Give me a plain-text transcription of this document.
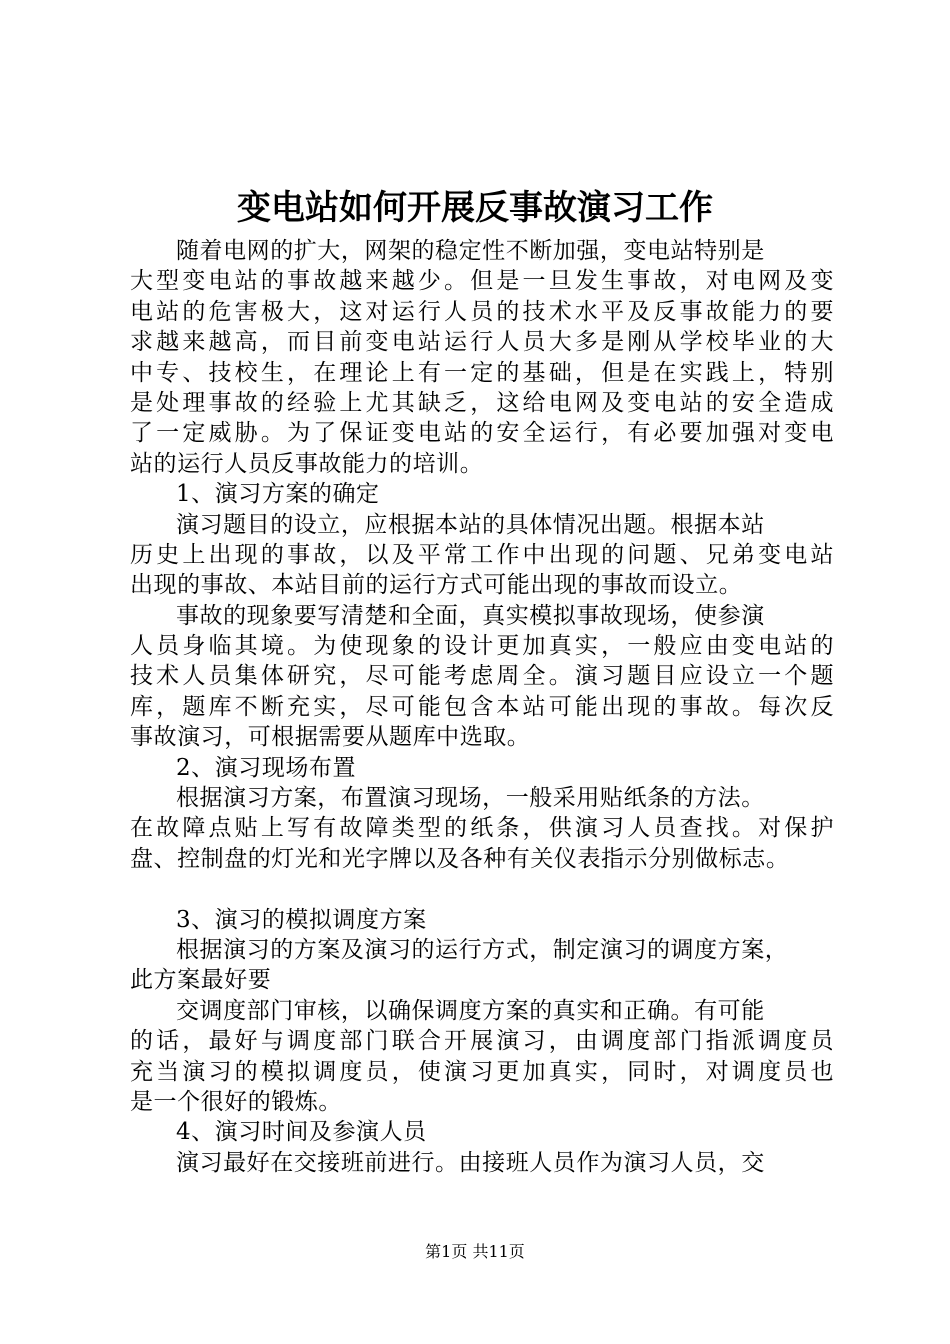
变电站如何开展反事故演习工作
随着电网的扩大，网架的稳定性不断加强，变电站特别是
大型变电站的事故越来越少。但是一旦发生事故，对电网及变
电站的危害极大，这对运行人员的技术水平及反事故能力的要
求越来越高，而目前变电站运行人员大多是刚从学校毕业的大
中专、技校生，在理论上有一定的基础，但是在实践上，特别
是处理事故的经验上尤其缺乏，这给电网及变电站的安全造成
了一定威胁。为了保证变电站的安全运行，有必要加强对变电
站的运行人员反事故能力的培训。
1、演习方案的确定
演习题目的设立，应根据本站的具体情况出题。根据本站
历史上出现的事故，以及平常工作中出现的问题、兄弟变电站
出现的事故、本站目前的运行方式可能出现的事故而设立。
事故的现象要写清楚和全面，真实模拟事故现场，使参演
人员身临其境。为使现象的设计更加真实，一般应由变电站的
技术人员集体研究，尽可能考虑周全。演习题目应设立一个题
库，题库不断充实，尽可能包含本站可能出现的事故。每次反
事故演习，可根据需要从题库中选取。
2、演习现场布置
根据演习方案，布置演习现场，一般采用贴纸条的方法。
在故障点贴上写有故障类型的纸条，供演习人员查找。对保护
盘、控制盘的灯光和光字牌以及各种有关仪表指示分别做标志。
3、演习的模拟调度方案
根据演习的方案及演习的运行方式，制定演习的调度方案，
此方案最好要
交调度部门审核，以确保调度方案的真实和正确。有可能
的话，最好与调度部门联合开展演习，由调度部门指派调度员
充当演习的模拟调度员，使演习更加真实，同时，对调度员也
是一个很好的锻炼。
4、演习时间及参演人员
演习最好在交接班前进行。由接班人员作为演习人员，交
第1页 共11页
